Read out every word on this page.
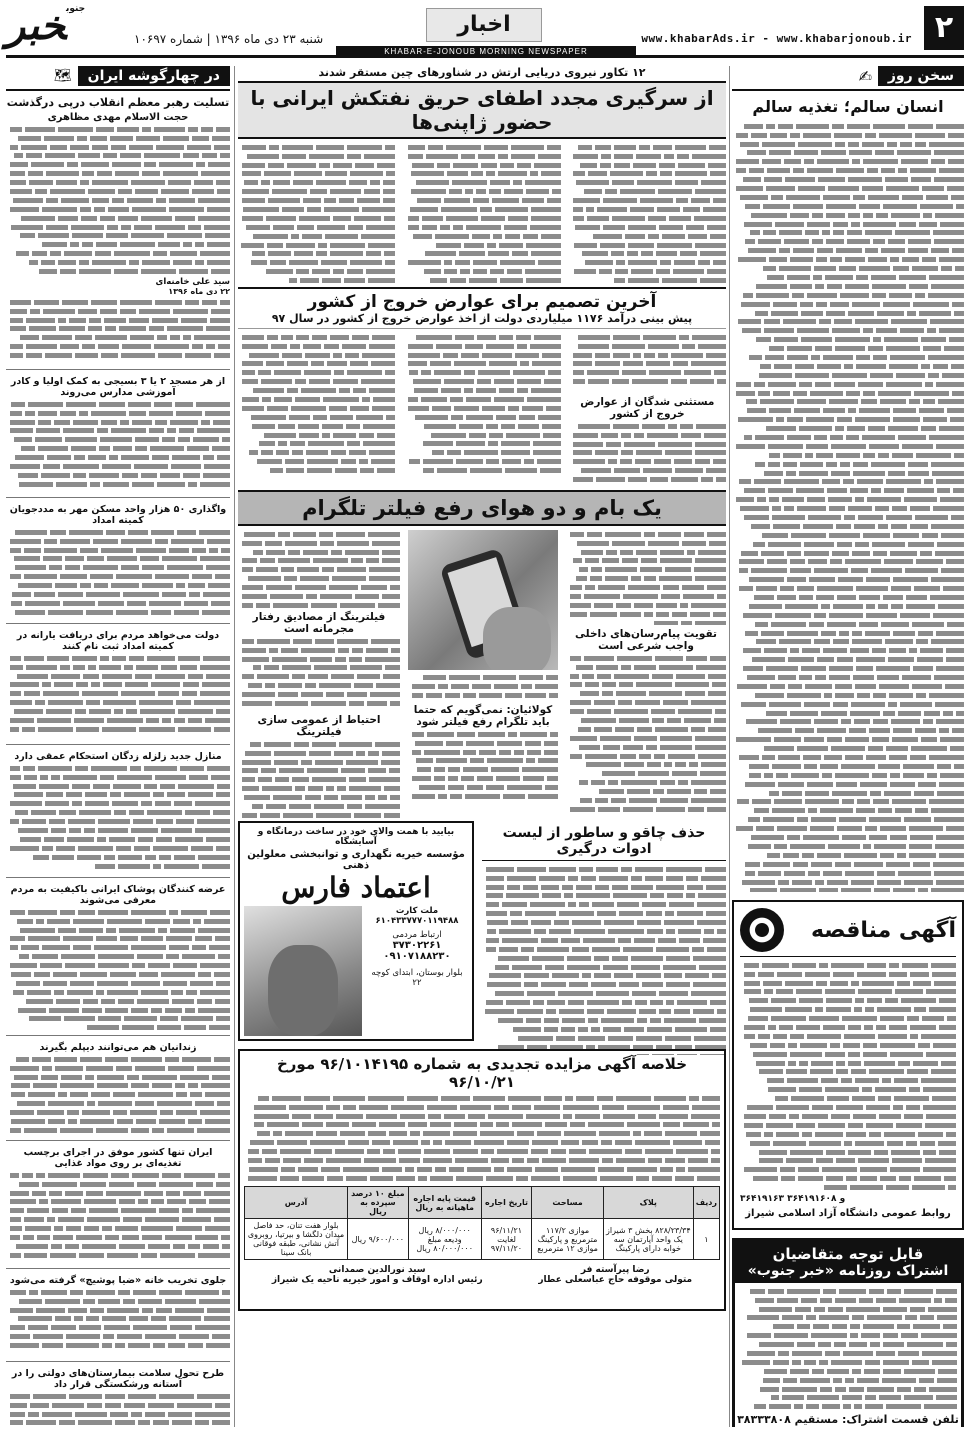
۲
www.khabarAds.ir - www.khabarjonoub.ir
اخبار
KHABAR-E-JONOUB MORNING NEWSPAPER
$^{جنوب}$خبر	شنبه ۲۳ دی ماه ۱۳۹۶ | شماره ۱۰۶۹۷
سخن روز
✍
انسان سالم؛ تغذیه سالم
آگهی مناقصه
۳۶۴۱۹۱۶۳ و ۳۶۴۱۹۱۶۰۸
روابط عمومی دانشگاه آزاد اسلامی شیراز
قابل توجه متقاضیان
اشتراک روزنامه «خبر جنوب»
تلفن قسمت اشتراک: مستقیم ۳۸۳۳۳۸۰۸
۱۲ تکاور نیروی دریایی ارتش در شناورهای چین مستقر شدند
از سرگیری مجدد اطفای حریق نفتکش ایرانی با حضور ژاپنی‌ها
آخرین تصمیم برای عوارض خروج از کشور
پیش بینی درآمد ۱۱۷۶ میلیاردی دولت از اخذ عوارض خروج از کشور در سال ۹۷
مستثنی شدگان از عوارض خروج از کشور
یک بام و دو هوای رفع فیلتر تلگرام
تقویت پیام‌رسان‌های داخلی واجب شرعی است
کولائیان: نمی‌گویم که حتما باید تلگرام رفع فیلتر شود
فیلترینگ از مصادیق رفتار مجرمانه است
احتیاط از عمومی سازی فیلترینگ
حذف چاقو و ساطور از لیست ادوات درگیری
بیایید با همت والای خود در ساخت درمانگاه و آسایشگاه
مؤسسه خیریه نگهداری و توانبخشی معلولین ذهنی
اعتماد فارس
ملت کارت
۶۱۰۴۳۳۷۷۷۰۱۱۹۴۸۸
ارتباط مردمی
۳۷۳۰۲۲۶۱
۰۹۱۰۷۱۸۸۲۳۰
بلوار بوستان، ابتدای کوچه ۲۲
خلاصه آگهی مزایده تجدیدی به شماره ۹۶/۱۰۱۴۱۹۵ مورخ ۹۶/۱۰/۲۱
ردیف	پلاک	مساحت	تاریخ اجاره	قیمت پایه اجاره ماهیانه به ریال	مبلغ ۱۰ درصد سپرده به ریال	آدرس
۱	۸۲۸/۲۳/۳۴ بخش ۳ شیراز یک واحد آپارتمان سه خوابه دارای پارکینگ	موازی ۱۱۷/۲ مترمربع و پارکینگ موازی ۱۲ مترمربع	۹۶/۱۱/۲۱ لغایت ۹۷/۱۱/۲۰	۸/۰۰۰/۰۰۰ ریال ودیعه مبلغ ۸۰/۰۰۰/۰۰۰ ریال	۹/۶۰۰/۰۰۰ ریال	بلوار هفت تنان، حد فاصل میدان دلگشا و بیرتیا، روبروی آتش نشانی، طبقه فوقانی بانک سینا
رضا پیرآسته فر
متولی موقوفه حاج عباسعلی عطار
سید نورالدین صمدانی
رئیس اداره اوقاف و امور خیریه ناحیه یک شیراز
در چهارگوشه ایران
🗺
تسلیت رهبر معظم انقلاب درپی درگذشت
حجت الاسلام مهدی مظاهری
سید علی خامنه‌ای
۲۲ دی ماه ۱۳۹۶
از هر مسجد ۲ یا ۳ بسیجی به کمک اولیا و کادر آموزشی مدارس می‌روند
واگذاری ۵۰ هزار واحد مسکن مهر به مددجویان کمیته امداد
دولت می‌خواهد مردم برای دریافت یارانه در کمیته امداد ثبت نام کنند
منازل جدید زلزله زدگان استحکام عمقی دارد
عرضه کنندگان پوشاک ایرانی باکیفیت به مردم معرفی می‌شوند
زندانیان هم می‌توانند دیپلم بگیرند
ایران تنها کشور موفق در اجرای برچسب تغذیه‌ای بر روی مواد غذایی
جلوی تخریب خانه «ضیا پوشیچ» گرفته می‌شود
طرح تحول سلامت بیمارستان‌های دولتی را در آستانه ورشکستگی قرار داد
